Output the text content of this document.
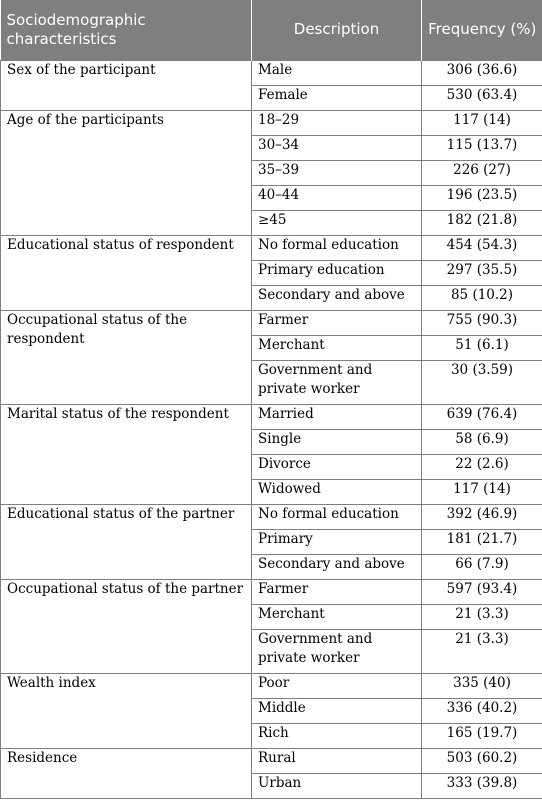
Sociodemographic characteristics	Description	Frequency (%)
Sex of the participant	Male	306 (36.6)
	Female	530 (63.4)
Age of the participants	18–29	117 (14)
	30–34	115 (13.7)
	35–39	226 (27)
	40–44	196 (23.5)
	≥45	182 (21.8)
Educational status of respondent	No formal education	454 (54.3)
	Primary education	297 (35.5)
	Secondary and above	85 (10.2)
Occupational status of the respondent	Farmer	755 (90.3)
	Merchant	51 (6.1)
	Government and private worker	30 (3.59)
Marital status of the respondent	Married	639 (76.4)
	Single	58 (6.9)
	Divorce	22 (2.6)
	Widowed	117 (14)
Educational status of the partner	No formal education	392 (46.9)
	Primary	181 (21.7)
	Secondary and above	66 (7.9)
Occupational status of the partner	Farmer	597 (93.4)
	Merchant	21 (3.3)
	Government and private worker	21 (3.3)
Wealth index	Poor	335 (40)
	Middle	336 (40.2)
	Rich	165 (19.7)
Residence	Rural	503 (60.2)
	Urban	333 (39.8)
